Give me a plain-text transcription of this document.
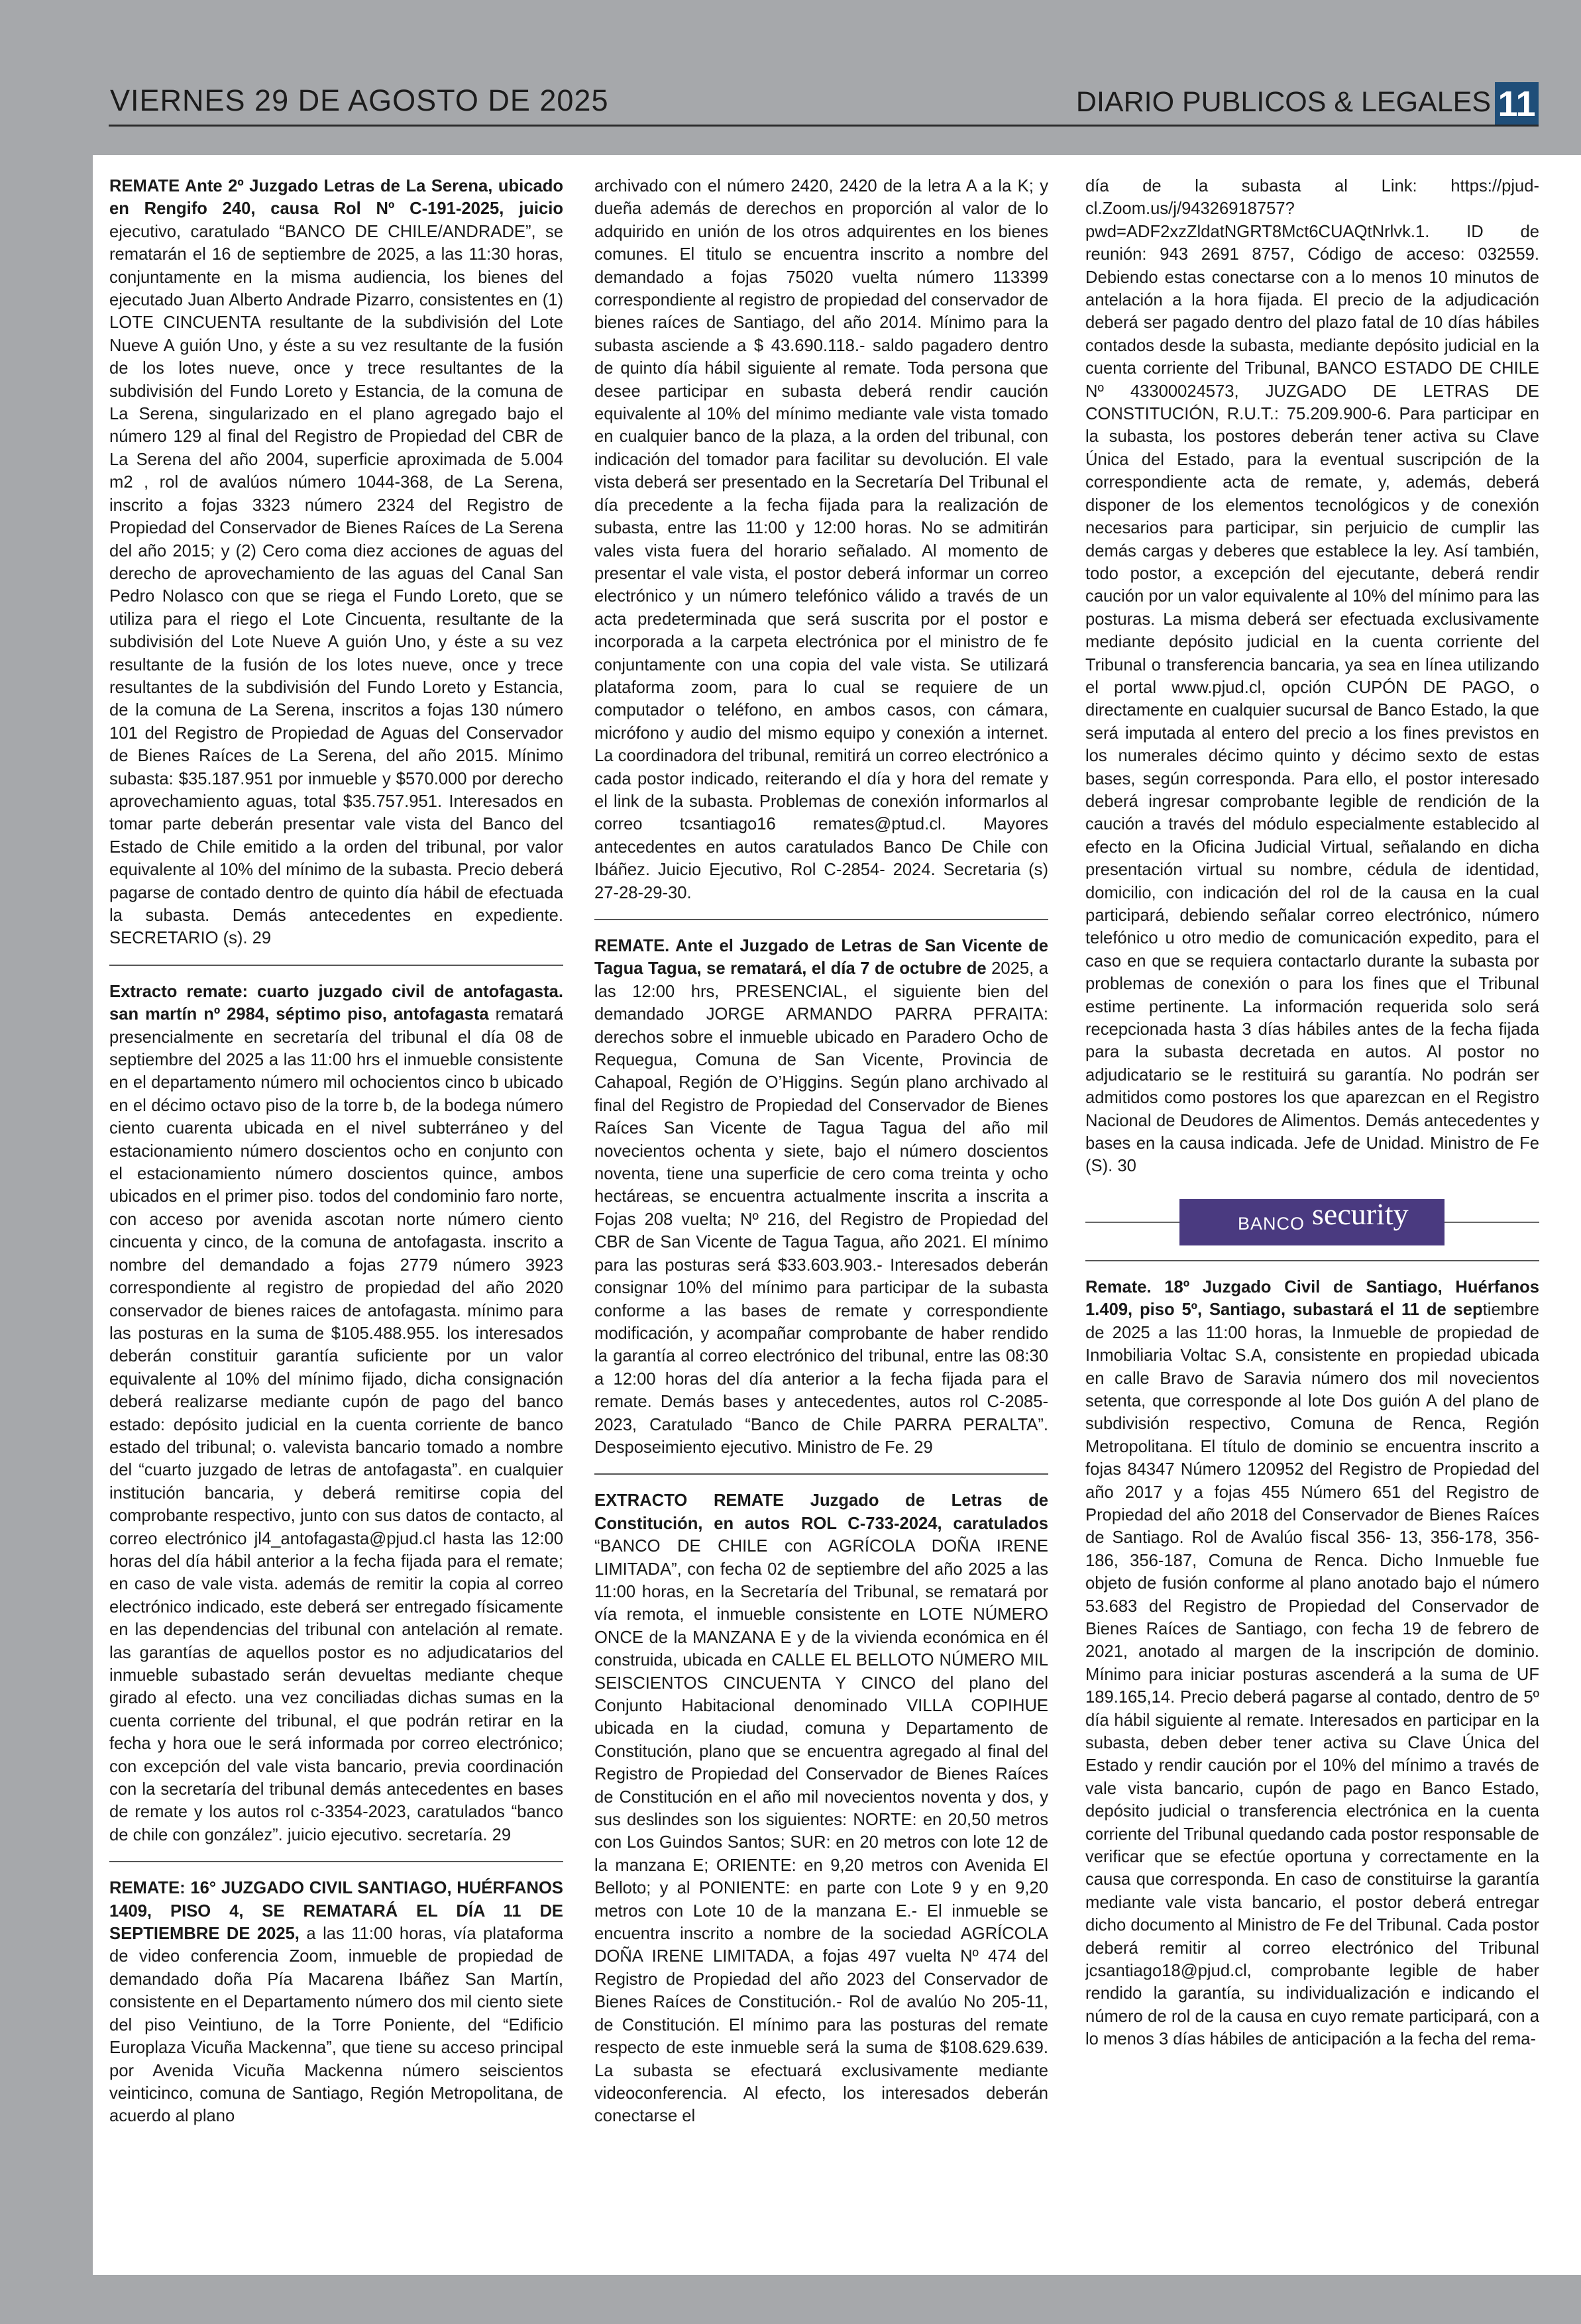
VIERNES 29 DE AGOSTO DE 2025	DIARIO PUBLICOS & LEGALES 11

REMATE Ante 2º Juzgado Letras de La Serena, ubicado en Rengifo 240, causa Rol Nº C-191-2025, juicio ejecutivo, caratulado “BANCO DE CHILE/ANDRADE”, se rematarán el 16 de septiembre de 2025, a las 11:30 horas, conjuntamente en la misma audiencia, los bienes del ejecutado Juan Alberto Andrade Pizarro, consistentes en (1) LOTE CINCUENTA resultante de la subdivisión del Lote Nueve A guión Uno, y éste a su vez resultante de la fusión de los lotes nueve, once y trece resultantes de la subdivisión del Fundo Loreto y Estancia, de la comuna de La Serena, singularizado en el plano agregado bajo el número 129 al final del Registro de Propiedad del CBR de La Serena del año 2004, superficie aproximada de 5.004 m2 , rol de avalúos número 1044-368, de La Serena, inscrito a fojas 3323 número 2324 del Registro de Propiedad del Conservador de Bienes Raíces de La Serena del año 2015; y (2) Cero coma diez acciones de aguas del derecho de aprovechamiento de las aguas del Canal San Pedro Nolasco con que se riega el Fundo Loreto, que se utiliza para el riego el Lote Cincuenta, resultante de la subdivisión del Lote Nueve A guión Uno, y éste a su vez resultante de la fusión de los lotes nueve, once y trece resultantes de la subdivisión del Fundo Loreto y Estancia, de la comuna de La Serena, inscritos a fojas 130 número 101 del Registro de Propiedad de Aguas del Conservador de Bienes Raíces de La Serena, del año 2015. Mínimo subasta: $35.187.951 por inmueble y $570.000 por derecho aprovechamiento aguas, total $35.757.951. Interesados en tomar parte deberán presentar vale vista del Banco del Estado de Chile emitido a la orden del tribunal, por valor equivalente al 10% del mínimo de la subasta. Precio deberá pagarse de contado dentro de quinto día hábil de efectuada la subasta. Demás antecedentes en expediente. SECRETARIO (s). 29

Extracto remate: cuarto juzgado civil de antofagasta. san martín nº 2984, séptimo piso, antofagasta rematará presencialmente en secretaría del tribunal el día 08 de septiembre del 2025 a las 11:00 hrs el inmueble consistente en el departamento número mil ochocientos cinco b ubicado en el décimo octavo piso de la torre b, de la bodega número ciento cuarenta ubicada en el nivel subterráneo y del estacionamiento número doscientos ocho en conjunto con el estacionamiento número doscientos quince, ambos ubicados en el primer piso. todos del condominio faro norte, con acceso por avenida ascotan norte número ciento cincuenta y cinco, de la comuna de antofagasta. inscrito a nombre del demandado a fojas 2779 número 3923 correspondiente al registro de propiedad del año 2020 conservador de bienes raices de antofagasta. mínimo para las posturas en la suma de $105.488.955. los interesados deberán constituir garantía suficiente por un valor equivalente al 10% del mínimo fijado, dicha consignación deberá realizarse mediante cupón de pago del banco estado: depósito judicial en la cuenta corriente de banco estado del tribunal; o. valevista bancario tomado a nombre del “cuarto juzgado de letras de antofagasta”. en cualquier institución bancaria, y deberá remitirse copia del comprobante respectivo, junto con sus datos de contacto, al correo electrónico jl4_antofagasta@pjud.cl hasta las 12:00 horas del día hábil anterior a la fecha fijada para el remate; en caso de vale vista. además de remitir la copia al correo electrónico indicado, este deberá ser entregado físicamente en las dependencias del tribunal con antelación al remate. las garantías de aquellos postor es no adjudicatarios del inmueble subastado serán devueltas mediante cheque girado al efecto. una vez conciliadas dichas sumas en la cuenta corriente del tribunal, el que podrán retirar en la fecha y hora oue le será informada por correo electrónico; con excepción del vale vista bancario, previa coordinación con la secretaría del tribunal demás antecedentes en bases de remate y los autos rol c-3354-2023, caratulados “banco de chile con gonzález”. juicio ejecutivo. secretaría. 29

REMATE: 16° JUZGADO CIVIL SANTIAGO, HUÉRFANOS 1409, PISO 4, SE REMATARÁ EL DÍA 11 DE SEPTIEMBRE DE 2025, a las 11:00 horas, vía plataforma de video conferencia Zoom, inmueble de propiedad de demandado doña Pía Macarena Ibáñez San Martín, consistente en el Departamento número dos mil ciento siete del piso Veintiuno, de la Torre Poniente, del “Edificio Europlaza Vicuña Mackenna”, que tiene su acceso principal por Avenida Vicuña Mackenna número seiscientos veinticinco, comuna de Santiago, Región Metropolitana, de acuerdo al plano

archivado con el número 2420, 2420 de la letra A a la K; y dueña además de derechos en proporción al valor de lo adquirido en unión de los otros adquirentes en los bienes comunes. El titulo se encuentra inscrito a nombre del demandado a fojas 75020 vuelta número 113399 correspondiente al registro de propiedad del conservador de bienes raíces de Santiago, del año 2014. Mínimo para la subasta asciende a $ 43.690.118.- saldo pagadero dentro de quinto día hábil siguiente al remate. Toda persona que desee participar en subasta deberá rendir caución equivalente al 10% del mínimo mediante vale vista tomado en cualquier banco de la plaza, a la orden del tribunal, con indicación del tomador para facilitar su devolución. El vale vista deberá ser presentado en la Secretaría Del Tribunal el día precedente a la fecha fijada para la realización de subasta, entre las 11:00 y 12:00 horas. No se admitirán vales vista fuera del horario señalado. Al momento de presentar el vale vista, el postor deberá informar un correo electrónico y un número telefónico válido a través de un acta predeterminada que será suscrita por el postor e incorporada a la carpeta electrónica por el ministro de fe conjuntamente con una copia del vale vista. Se utilizará plataforma zoom, para lo cual se requiere de un computador o teléfono, en ambos casos, con cámara, micrófono y audio del mismo equipo y conexión a internet. La coordinadora del tribunal, remitirá un correo electrónico a cada postor indicado, reiterando el día y hora del remate y el link de la subasta. Problemas de conexión informarlos al correo tcsantiago16 remates@ptud.cl. Mayores antecedentes en autos caratulados Banco De Chile con Ibáñez. Juicio Ejecutivo, Rol C-2854- 2024. Secretaria (s) 27-28-29-30.

REMATE. Ante el Juzgado de Letras de San Vicente de Tagua Tagua, se rematará, el día 7 de octubre de 2025, a las 12:00 hrs, PRESENCIAL, el siguiente bien del demandado JORGE ARMANDO PARRA PFRAITA: derechos sobre el inmueble ubicado en Paradero Ocho de Requegua, Comuna de San Vicente, Provincia de Cahapoal, Región de O’Higgins. Según plano archivado al final del Registro de Propiedad del Conservador de Bienes Raíces San Vicente de Tagua Tagua del año mil novecientos ochenta y siete, bajo el número doscientos noventa, tiene una superficie de cero coma treinta y ocho hectáreas, se encuentra actualmente inscrita a inscrita a Fojas 208 vuelta; Nº 216, del Registro de Propiedad del CBR de San Vicente de Tagua Tagua, año 2021. El mínimo para las posturas será $33.603.903.- Interesados deberán consignar 10% del mínimo para participar de la subasta conforme a las bases de remate y correspondiente modificación, y acompañar comprobante de haber rendido la garantía al correo electrónico del tribunal, entre las 08:30 a 12:00 horas del día anterior a la fecha fijada para el remate. Demás bases y antecedentes, autos rol C-2085-2023, Caratulado “Banco de Chile PARRA PERALTA”. Desposeimiento ejecutivo. Ministro de Fe. 29

EXTRACTO REMATE Juzgado de Letras de Constitución, en autos ROL C-733-2024, caratulados “BANCO DE CHILE con AGRÍCOLA DOÑA IRENE LIMITADA”, con fecha 02 de septiembre del año 2025 a las 11:00 horas, en la Secretaría del Tribunal, se rematará por vía remota, el inmueble consistente en LOTE NÚMERO ONCE de la MANZANA E y de la vivienda económica en él construida, ubicada en CALLE EL BELLOTO NÚMERO MIL SEISCIENTOS CINCUENTA Y CINCO del plano del Conjunto Habitacional denominado VILLA COPIHUE ubicada en la ciudad, comuna y Departamento de Constitución, plano que se encuentra agregado al final del Registro de Propiedad del Conservador de Bienes Raíces de Constitución en el año mil novecientos noventa y dos, y sus deslindes son los siguientes: NORTE: en 20,50 metros con Los Guindos Santos; SUR: en 20 metros con lote 12 de la manzana E; ORIENTE: en 9,20 metros con Avenida El Belloto; y al PONIENTE: en parte con Lote 9 y en 9,20 metros con Lote 10 de la manzana E.- El inmueble se encuentra inscrito a nombre de la sociedad AGRÍCOLA DOÑA IRENE LIMITADA, a fojas 497 vuelta Nº 474 del Registro de Propiedad del año 2023 del Conservador de Bienes Raíces de Constitución.- Rol de avalúo No 205-11, de Constitución. El mínimo para las posturas del remate respecto de este inmueble será la suma de $108.629.639. La subasta se efectuará exclusivamente mediante videoconferencia. Al efecto, los interesados deberán conectarse el

día de la subasta al Link: https://pjud-cl.Zoom.us/j/94326918757?pwd=ADF2xzZldatNGRT8Mct6CUAQtNrlvk.1. ID de reunión: 943 2691 8757, Código de acceso: 032559. Debiendo estas conectarse con a lo menos 10 minutos de antelación a la hora fijada. El precio de la adjudicación deberá ser pagado dentro del plazo fatal de 10 días hábiles contados desde la subasta, mediante depósito judicial en la cuenta corriente del Tribunal, BANCO ESTADO DE CHILE Nº 43300024573, JUZGADO DE LETRAS DE CONSTITUCIÓN, R.U.T.: 75.209.900-6. Para participar en la subasta, los postores deberán tener activa su Clave Única del Estado, para la eventual suscripción de la correspondiente acta de remate, y, además, deberá disponer de los elementos tecnológicos y de conexión necesarios para participar, sin perjuicio de cumplir las demás cargas y deberes que establece la ley. Así también, todo postor, a excepción del ejecutante, deberá rendir caución por un valor equivalente al 10% del mínimo para las posturas. La misma deberá ser efectuada exclusivamente mediante depósito judicial en la cuenta corriente del Tribunal o transferencia bancaria, ya sea en línea utilizando el portal www.pjud.cl, opción CUPÓN DE PAGO, o directamente en cualquier sucursal de Banco Estado, la que será imputada al entero del precio a los fines previstos en los numerales décimo quinto y décimo sexto de estas bases, según corresponda. Para ello, el postor interesado deberá ingresar comprobante legible de rendición de la caución a través del módulo especialmente establecido al efecto en la Oficina Judicial Virtual, señalando en dicha presentación virtual su nombre, cédula de identidad, domicilio, con indicación del rol de la causa en la cual participará, debiendo señalar correo electrónico, número telefónico u otro medio de comunicación expedito, para el caso en que se requiera contactarlo durante la subasta por problemas de conexión o para los fines que el Tribunal estime pertinente. La información requerida solo será recepcionada hasta 3 días hábiles antes de la fecha fijada para la subasta decretada en autos. Al postor no adjudicatario se le restituirá su garantía. No podrán ser admitidos como postores los que aparezcan en el Registro Nacional de Deudores de Alimentos. Demás antecedentes y bases en la causa indicada. Jefe de Unidad. Ministro de Fe (S). 30

BANCO security

Remate. 18º Juzgado Civil de Santiago, Huérfanos 1.409, piso 5º, Santiago, subastará el 11 de septiembre de 2025 a las 11:00 horas, la Inmueble de propiedad de Inmobiliaria Voltac S.A, consistente en propiedad ubicada en calle Bravo de Saravia número dos mil novecientos setenta, que corresponde al lote Dos guión A del plano de subdivisión respectivo, Comuna de Renca, Región Metropolitana. El título de dominio se encuentra inscrito a fojas 84347 Número 120952 del Registro de Propiedad del año 2017 y a fojas 455 Número 651 del Registro de Propiedad del año 2018 del Conservador de Bienes Raíces de Santiago. Rol de Avalúo fiscal 356- 13, 356-178, 356-186, 356-187, Comuna de Renca. Dicho Inmueble fue objeto de fusión conforme al plano anotado bajo el número 53.683 del Registro de Propiedad del Conservador de Bienes Raíces de Santiago, con fecha 19 de febrero de 2021, anotado al margen de la inscripción de dominio. Mínimo para iniciar posturas ascenderá a la suma de UF 189.165,14. Precio deberá pagarse al contado, dentro de 5º día hábil siguiente al remate. Interesados en participar en la subasta, deben deber tener activa su Clave Única del Estado y rendir caución por el 10% del mínimo a través de vale vista bancario, cupón de pago en Banco Estado, depósito judicial o transferencia electrónica en la cuenta corriente del Tribunal quedando cada postor responsable de verificar que se efectúe oportuna y correctamente en la causa que corresponda. En caso de constituirse la garantía mediante vale vista bancario, el postor deberá entregar dicho documento al Ministro de Fe del Tribunal. Cada postor deberá remitir al correo electrónico del Tribunal jcsantiago18@pjud.cl, comprobante legible de haber rendido la garantía, su individualización e indicando el número de rol de la causa en cuyo remate participará, con a lo menos 3 días hábiles de anticipación a la fecha del rema-
